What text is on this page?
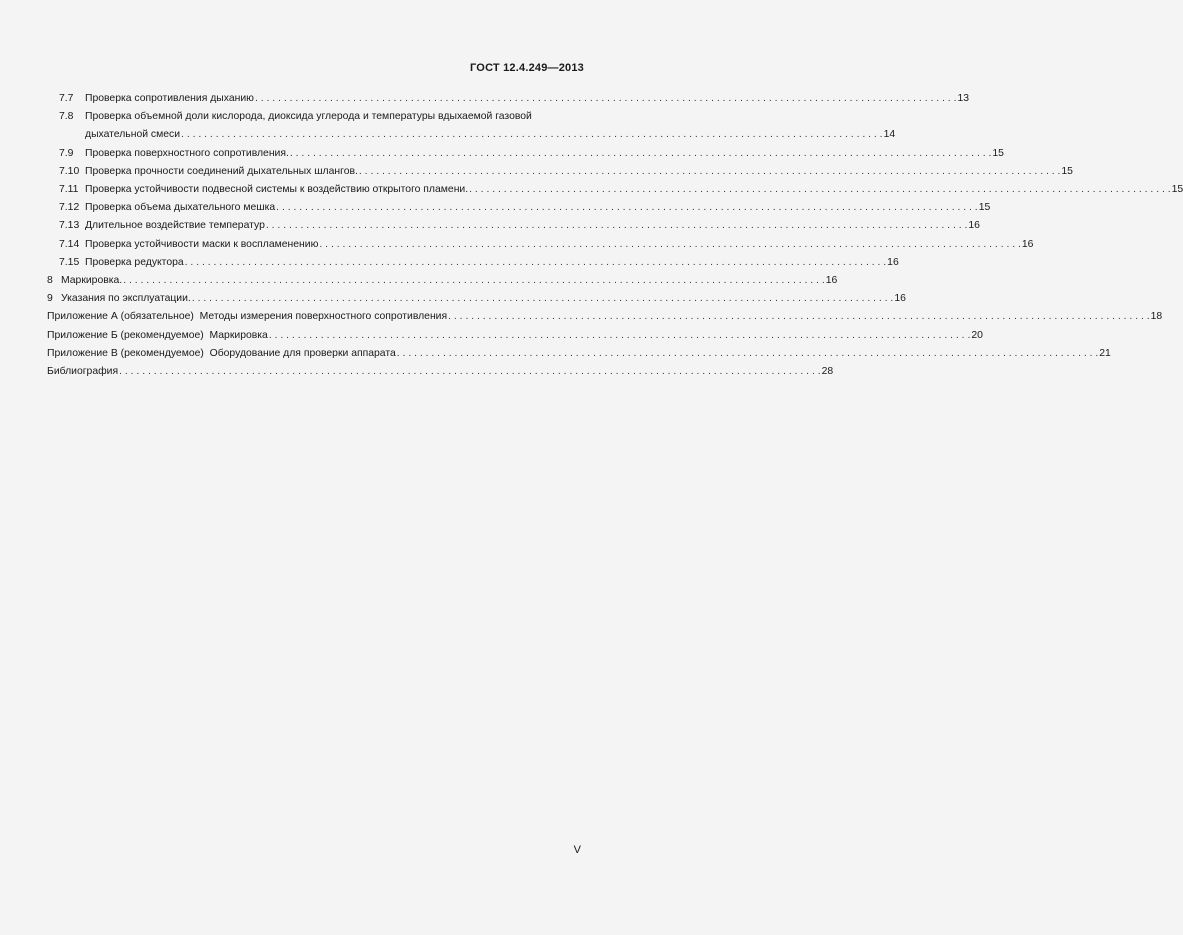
ГОСТ 12.4.249—2013
7.7	Проверка сопротивления дыханию . . .	13
7.8	Проверка объемной доли кислорода, диоксида углерода и температуры вдыхаемой газовой
дыхательной смеси . . .	14
7.9	Проверка поверхностного сопротивления. . . .	15
7.10 Проверка прочности соединений дыхательных шлангов. . . .	15
7.11 Проверка устойчивости подвесной системы к воздействию открытого пламени. . . .	15
7.12 Проверка объема дыхательного мешка . . .	15
7.13 Длительное воздействие температур . . .	16
7.14 Проверка устойчивости маски к воспламенению . . .	16
7.15 Проверка редуктора . . .	16
8 Маркировка. . . .	16
9 Указания по эксплуатации. . . .	16
Приложение А (обязательное)  Методы измерения поверхностного сопротивления . . .	18
Приложение Б (рекомендуемое)  Маркировка . . .	20
Приложение В (рекомендуемое)  Оборудование для проверки аппарата . . .	21
Библиография . . .	28
V
